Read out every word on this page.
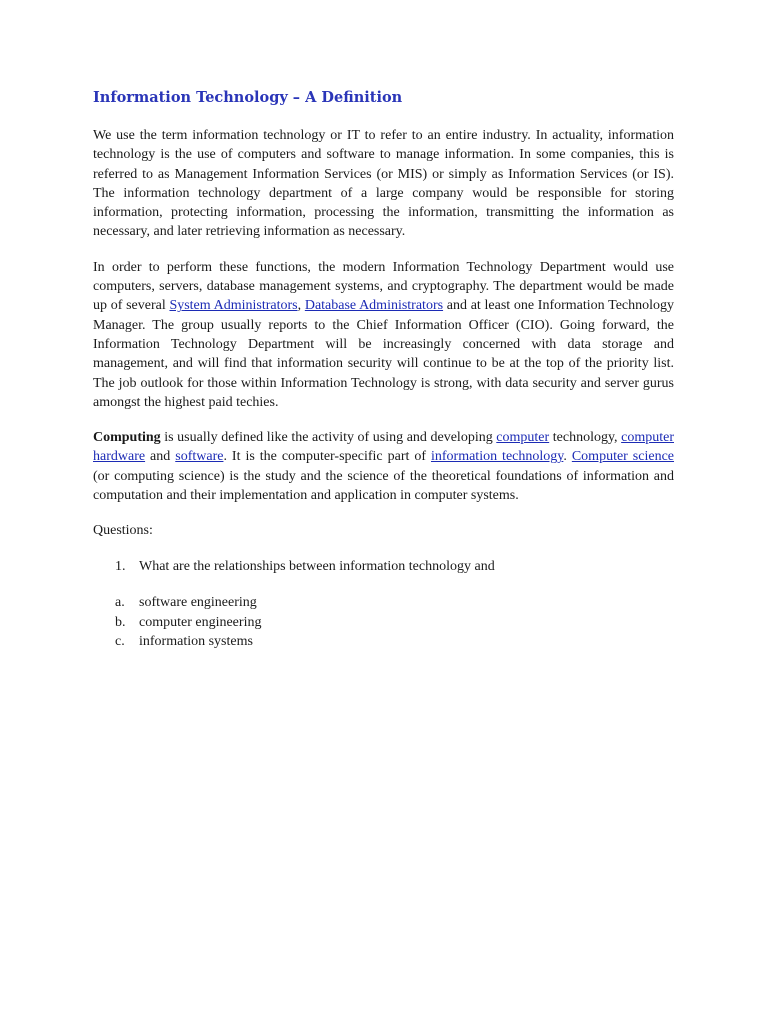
Information Technology – A Definition

We use the term information technology or IT to refer to an entire industry. In actuality, information technology is the use of computers and software to manage information. In some companies, this is referred to as Management Information Services (or MIS) or simply as Information Services (or IS). The information technology department of a large company would be responsible for storing information, protecting information, processing the information, transmitting the information as necessary, and later retrieving information as necessary.

In order to perform these functions, the modern Information Technology Department would use computers, servers, database management systems, and cryptography. The department would be made up of several System Administrators, Database Administrators and at least one Information Technology Manager. The group usually reports to the Chief Information Officer (CIO). Going forward, the Information Technology Department will be increasingly concerned with data storage and management, and will find that information security will continue to be at the top of the priority list. The job outlook for those within Information Technology is strong, with data security and server gurus amongst the highest paid techies.

Computing is usually defined like the activity of using and developing computer technology, computer hardware and software. It is the computer-specific part of information technology. Computer science (or computing science) is the study and the science of the theoretical foundations of information and computation and their implementation and application in computer systems.

Questions:

1. What are the relationships between information technology and

a. software engineering
b. computer engineering
c. information systems
